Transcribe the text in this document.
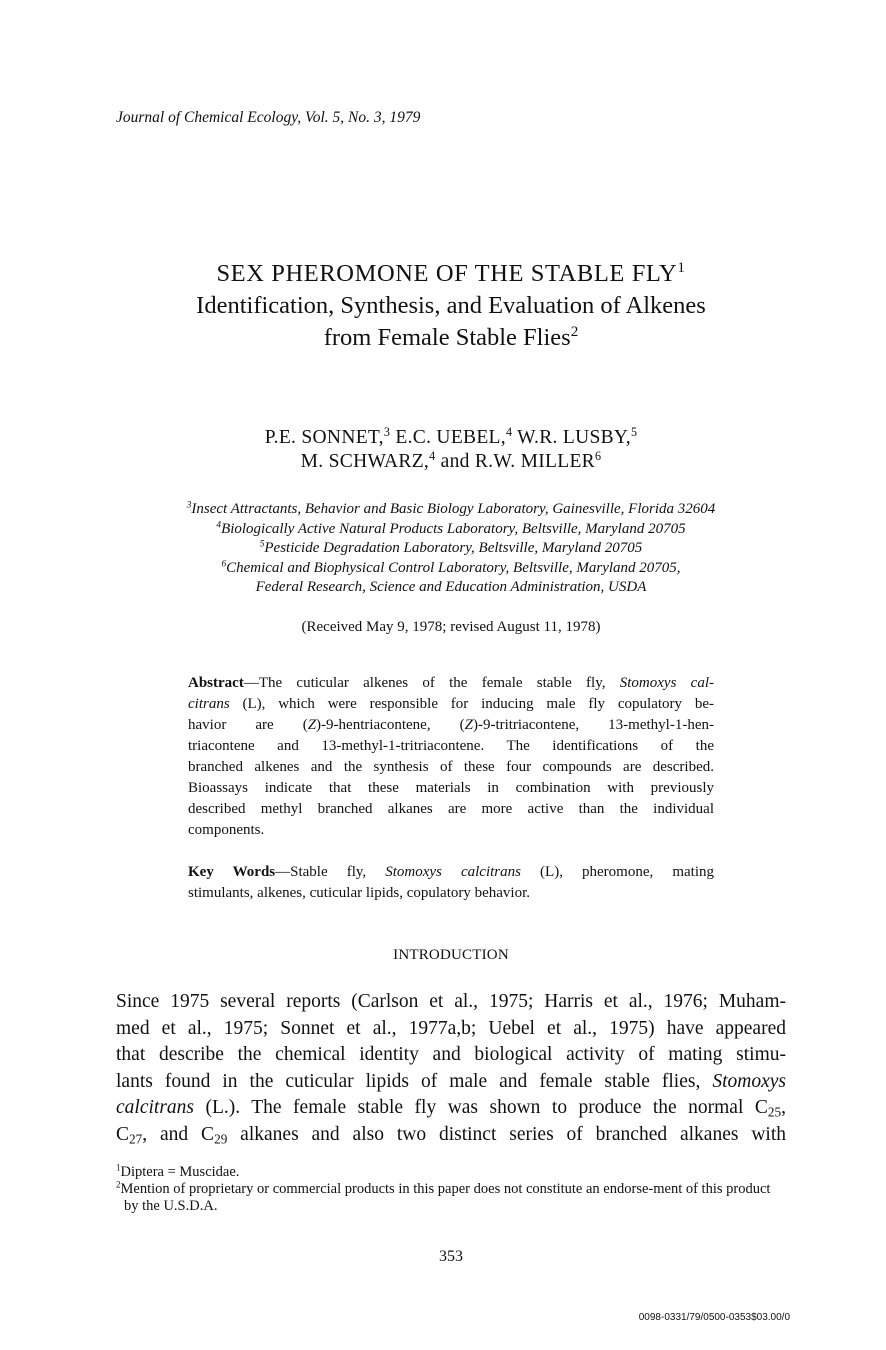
Journal of Chemical Ecology, Vol. 5, No. 3, 1979
SEX PHEROMONE OF THE STABLE FLY$^1$
Identification, Synthesis, and Evaluation of Alkenes
from Female Stable Flies$^2$
P.E. SONNET,$^3$ E.C. UEBEL,$^4$ W.R. LUSBY,$^5$
M. SCHWARZ,$^4$ and R.W. MILLER$^6$
$^3$Insect Attractants, Behavior and Basic Biology Laboratory, Gainesville, Florida 32604
$^4$Biologically Active Natural Products Laboratory, Beltsville, Maryland 20705
$^5$Pesticide Degradation Laboratory, Beltsville, Maryland 20705
$^6$Chemical and Biophysical Control Laboratory, Beltsville, Maryland 20705,
Federal Research, Science and Education Administration, USDA
(Received May 9, 1978; revised August 11, 1978)
Abstract—The cuticular alkenes of the female stable fly, Stomoxys cal-
citrans (L), which were responsible for inducing male fly copulatory be-
havior are (Z)-9-hentriacontene, (Z)-9-tritriacontene, 13-methyl-1-hen-
triacontene and 13-methyl-1-tritriacontene. The identifications of the
branched alkenes and the synthesis of these four compounds are described.
Bioassays indicate that these materials in combination with previously
described methyl branched alkanes are more active than the individual
components.
Key Words—Stable fly, Stomoxys calcitrans (L), pheromone, mating
stimulants, alkenes, cuticular lipids, copulatory behavior.
INTRODUCTION
Since 1975 several reports (Carlson et al., 1975; Harris et al., 1976; Muham-
med et al., 1975; Sonnet et al., 1977a,b; Uebel et al., 1975) have appeared
that describe the chemical identity and biological activity of mating stimu-
lants found in the cuticular lipids of male and female stable flies, Stomoxys
calcitrans (L.). The female stable fly was shown to produce the normal $C_{25}$,
$C_{27}$, and $C_{29}$ alkanes and also two distinct series of branched alkanes with
$^1$Diptera = Muscidae.
$^2$Mention of proprietary or commercial products in this paper does not constitute an endorse-ment of this product by the U.S.D.A.
353
0098-0331/79/0500-0353$03.00/0
